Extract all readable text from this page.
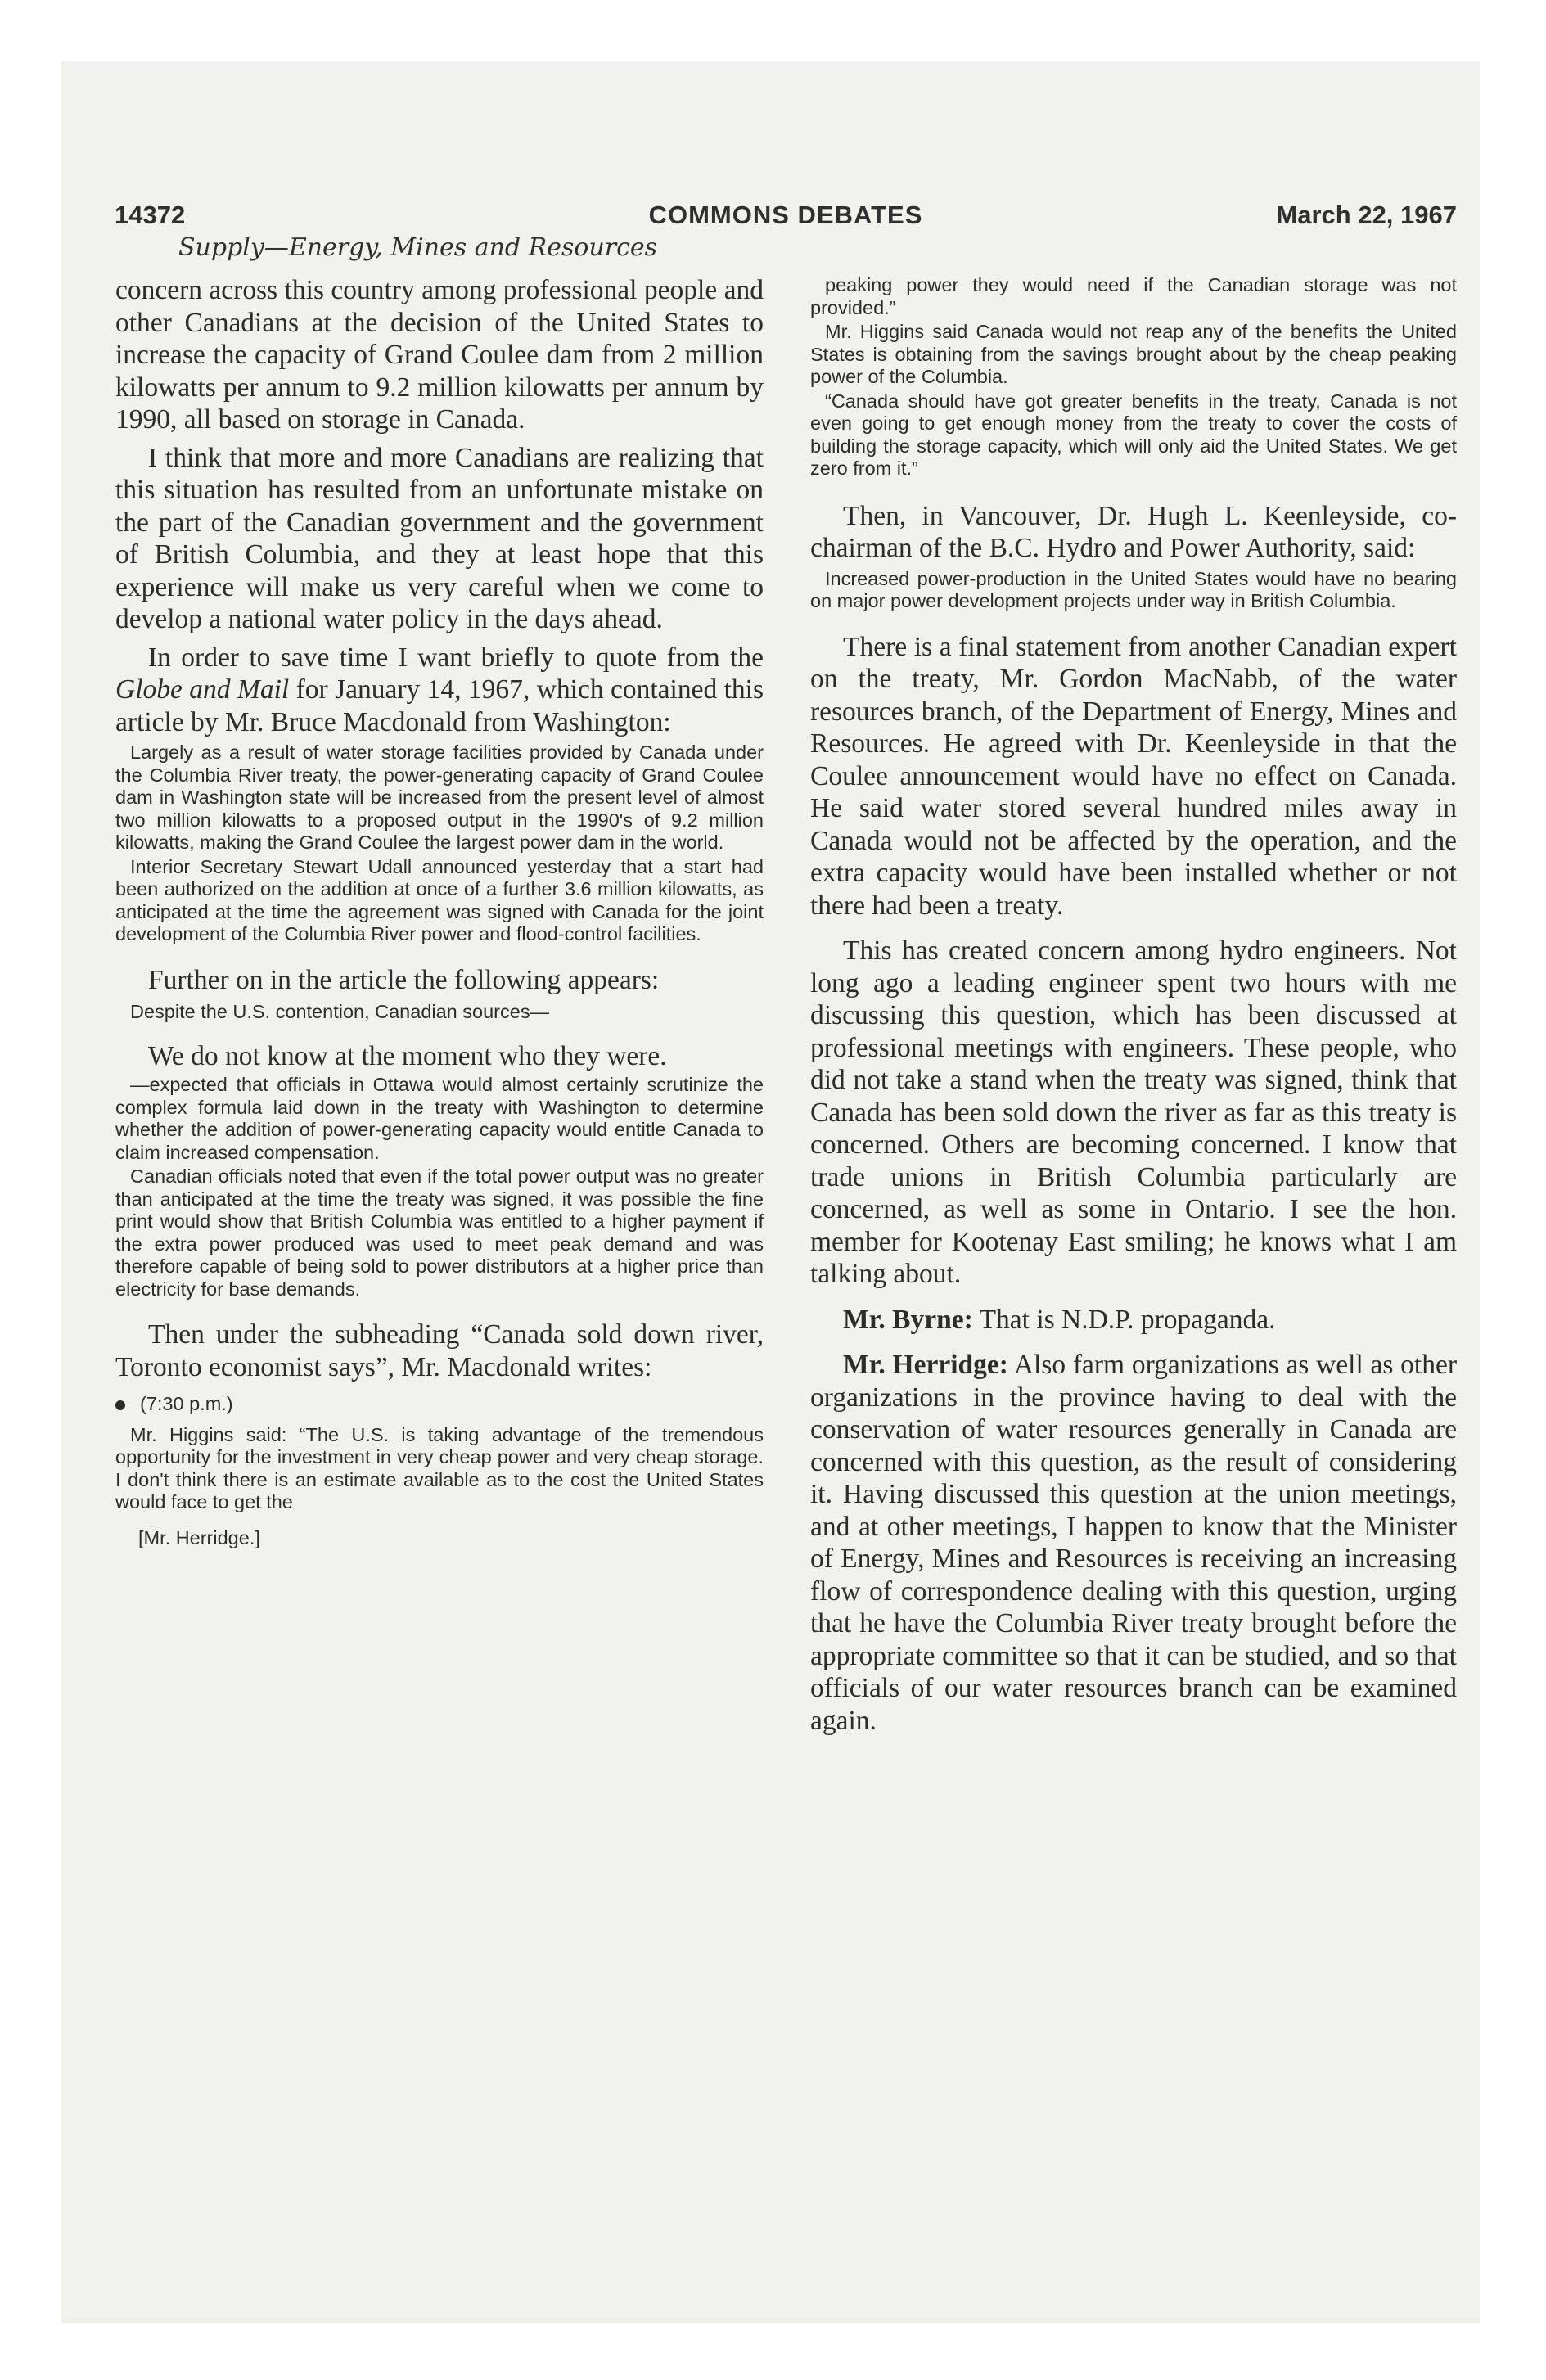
14372	COMMONS DEBATES	March 22, 1967
Supply—Energy, Mines and Resources

concern across this country among professional people and other Canadians at the decision of the United States to increase the capacity of Grand Coulee dam from 2 million kilowatts per annum to 9.2 million kilowatts per annum by 1990, all based on storage in Canada.

I think that more and more Canadians are realizing that this situation has resulted from an unfortunate mistake on the part of the Canadian government and the government of British Columbia, and they at least hope that this experience will make us very careful when we come to develop a national water policy in the days ahead.

In order to save time I want briefly to quote from the Globe and Mail for January 14, 1967, which contained this article by Mr. Bruce Macdonald from Washington:

Largely as a result of water storage facilities provided by Canada under the Columbia River treaty, the power-generating capacity of Grand Coulee dam in Washington state will be increased from the present level of almost two million kilowatts to a proposed output in the 1990's of 9.2 million kilowatts, making the Grand Coulee the largest power dam in the world.

Interior Secretary Stewart Udall announced yesterday that a start had been authorized on the addition at once of a further 3.6 million kilowatts, as anticipated at the time the agreement was signed with Canada for the joint development of the Columbia River power and flood-control facilities.

Further on in the article the following appears:

Despite the U.S. contention, Canadian sources—

We do not know at the moment who they were.

—expected that officials in Ottawa would almost certainly scrutinize the complex formula laid down in the treaty with Washington to determine whether the addition of power-generating capacity would entitle Canada to claim increased compensation.

Canadian officials noted that even if the total power output was no greater than anticipated at the time the treaty was signed, it was possible the fine print would show that British Columbia was entitled to a higher payment if the extra power produced was used to meet peak demand and was therefore capable of being sold to power distributors at a higher price than electricity for base demands.

Then under the subheading “Canada sold down river, Toronto economist says”, Mr. Macdonald writes:

(7:30 p.m.)

Mr. Higgins said: “The U.S. is taking advantage of the tremendous opportunity for the investment in very cheap power and very cheap storage. I don't think there is an estimate available as to the cost the United States would face to get the

[Mr. Herridge.]

peaking power they would need if the Canadian storage was not provided.”

Mr. Higgins said Canada would not reap any of the benefits the United States is obtaining from the savings brought about by the cheap peaking power of the Columbia.

“Canada should have got greater benefits in the treaty, Canada is not even going to get enough money from the treaty to cover the costs of building the storage capacity, which will only aid the United States. We get zero from it.”

Then, in Vancouver, Dr. Hugh L. Keenleyside, co-chairman of the B.C. Hydro and Power Authority, said:

Increased power-production in the United States would have no bearing on major power development projects under way in British Columbia.

There is a final statement from another Canadian expert on the treaty, Mr. Gordon MacNabb, of the water resources branch, of the Department of Energy, Mines and Resources. He agreed with Dr. Keenleyside in that the Coulee announcement would have no effect on Canada. He said water stored several hundred miles away in Canada would not be affected by the operation, and the extra capacity would have been installed whether or not there had been a treaty.

This has created concern among hydro engineers. Not long ago a leading engineer spent two hours with me discussing this question, which has been discussed at professional meetings with engineers. These people, who did not take a stand when the treaty was signed, think that Canada has been sold down the river as far as this treaty is concerned. Others are becoming concerned. I know that trade unions in British Columbia particularly are concerned, as well as some in Ontario. I see the hon. member for Kootenay East smiling; he knows what I am talking about.

Mr. Byrne: That is N.D.P. propaganda.

Mr. Herridge: Also farm organizations as well as other organizations in the province having to deal with the conservation of water resources generally in Canada are concerned with this question, as the result of considering it. Having discussed this question at the union meetings, and at other meetings, I happen to know that the Minister of Energy, Mines and Resources is receiving an increasing flow of correspondence dealing with this question, urging that he have the Columbia River treaty brought before the appropriate committee so that it can be studied, and so that officials of our water resources branch can be examined again.
